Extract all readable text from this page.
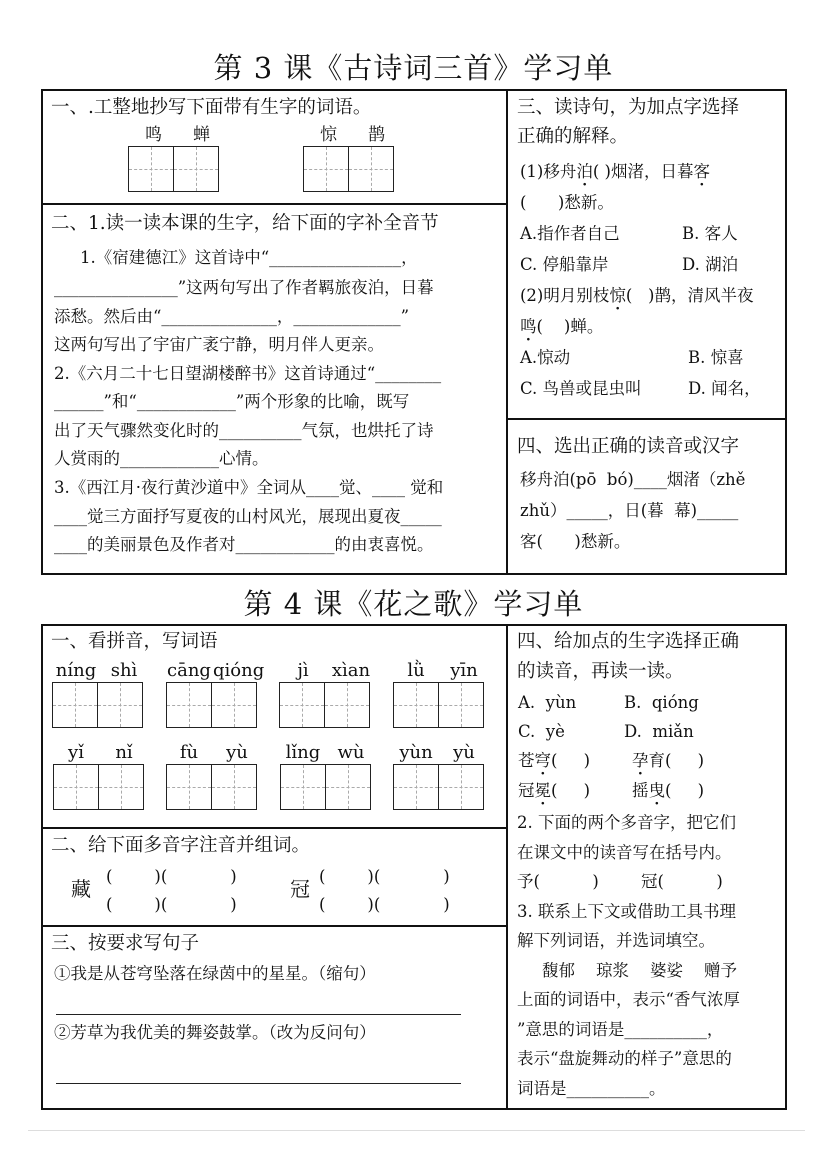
第 3 课《古诗词三首》学习单
一、.工整地抄写下面带有生字的词语。
鸣 蝉	惊 鹊
二、1.读一读本课的生字，给下面的字补全音节
1.《宿建德江》这首诗中“________________，
_______________”这两句写出了作者羁旅夜泊，日暮
添愁。然后由“______________，_____________”
这两句写出了宇宙广袤宁静，明月伴人更亲。
2.《六月二十七日望湖楼醉书》这首诗通过“________
______”和“____________”两个形象的比喻，既写
出了天气骤然变化时的__________气氛，也烘托了诗
人赏雨的____________心情。
3.《西江月·夜行黄沙道中》全词从____觉、____ 觉和
____觉三方面抒写夏夜的山村风光，展现出夏夜_____
____的美丽景色及作者对____________的由衷喜悦。
三、读诗句，为加点字选择
正确的解释。
(1)移舟泊( )烟渚，日暮客
(      )愁新。
A.指作者自己	B. 客人
C. 停船靠岸	D. 湖泊
(2)明月别枝惊(   )鹊，清风半夜
鸣(    )蝉。
A.惊动	B. 惊喜
C. 鸟兽或昆虫叫	D. 闻名，
四、选出正确的读音或汉字
移舟泊(pō  bó)____烟渚（zhě
zhǔ）_____，日(暮  幕)_____
客(      )愁新。
第 4 课《花之歌》学习单
一、看拼音，写词语
níng shì	cāng qióng	jì	xìan	lǜ	yīn
yǐ	nǐ	fù	yù	lǐng wù	yùn	yù
二、给下面多音字注音并组词。
藏
(        )(            )
(        )(            )
冠
(        )(            )
(        )(            )
三、按要求写句子
①我是从苍穹坠落在绿茵中的星星。（缩句）
②芳草为我优美的舞姿鼓掌。（改为反问句）
四、给加点的生字选择正确
的读音，再读一读。
A.  yùn	B.  qióng
C.  yè	D.  miǎn
苍穹(     )	孕育(     )
冠冕(     )	摇曳(     )
2. 下面的两个多音字，把它们
在课文中的读音写在括号内。
予(          )	冠(          )
3. 联系上下文或借助工具书理
解下列词语，并选词填空。
馥郁    琼浆    婆娑    赠予
上面的词语中，表示“香气浓厚
”意思的词语是__________，
表示“盘旋舞动的样子”意思的
词语是__________。
